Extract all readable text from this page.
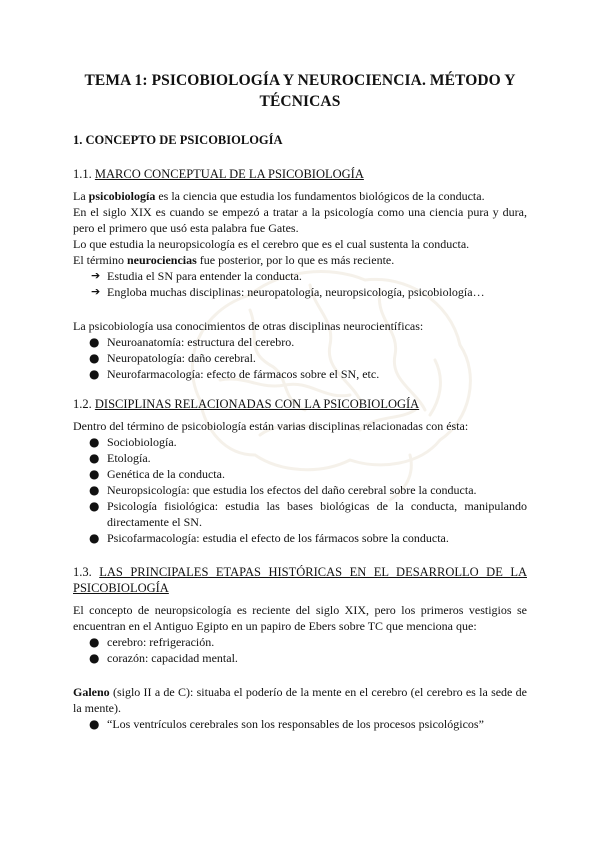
TEMA 1: PSICOBIOLOGÍA Y NEUROCIENCIA. MÉTODO Y TÉCNICAS
1. CONCEPTO DE PSICOBIOLOGÍA
1.1. MARCO CONCEPTUAL DE LA PSICOBIOLOGÍA

La psicobiología es la ciencia que estudia los fundamentos biológicos de la conducta.

En el siglo XIX es cuando se empezó a tratar a la psicología como una ciencia pura y dura, pero el primero que usó esta palabra fue Gates.

Lo que estudia la neuropsicología es el cerebro que es el cual sustenta la conducta.

El término neurociencias fue posterior, por lo que es más reciente.

➔ Estudia el SN para entender la conducta.
➔ Engloba muchas disciplinas: neuropatología, neuropsicología, psicobiología…

La psicobiología usa conocimientos de otras disciplinas neurocientíficas:

● Neuroanatomía: estructura del cerebro.
● Neuropatología: daño cerebral.
● Neurofarmacología: efecto de fármacos sobre el SN, etc.
1.2. DISCIPLINAS RELACIONADAS CON LA PSICOBIOLOGÍA

Dentro del término de psicobiología están varias disciplinas relacionadas con ésta:

● Sociobiología.
● Etología.
● Genética de la conducta.
● Neuropsicología: que estudia los efectos del daño cerebral sobre la conducta.
● Psicología fisiológica: estudia las bases biológicas de la conducta, manipulando directamente el SN.
● Psicofarmacología: estudia el efecto de los fármacos sobre la conducta.
1.3. LAS PRINCIPALES ETAPAS HISTÓRICAS EN EL DESARROLLO DE LA PSICOBIOLOGÍA

El concepto de neuropsicología es reciente del siglo XIX, pero los primeros vestigios se encuentran en el Antiguo Egipto en un papiro de Ebers sobre TC que menciona que:

● cerebro: refrigeración.
● corazón: capacidad mental.

Galeno (siglo II a de C): situaba el poderío de la mente en el cerebro (el cerebro es la sede de la mente).

● “Los ventrículos cerebrales son los responsables de los procesos psicológicos”
